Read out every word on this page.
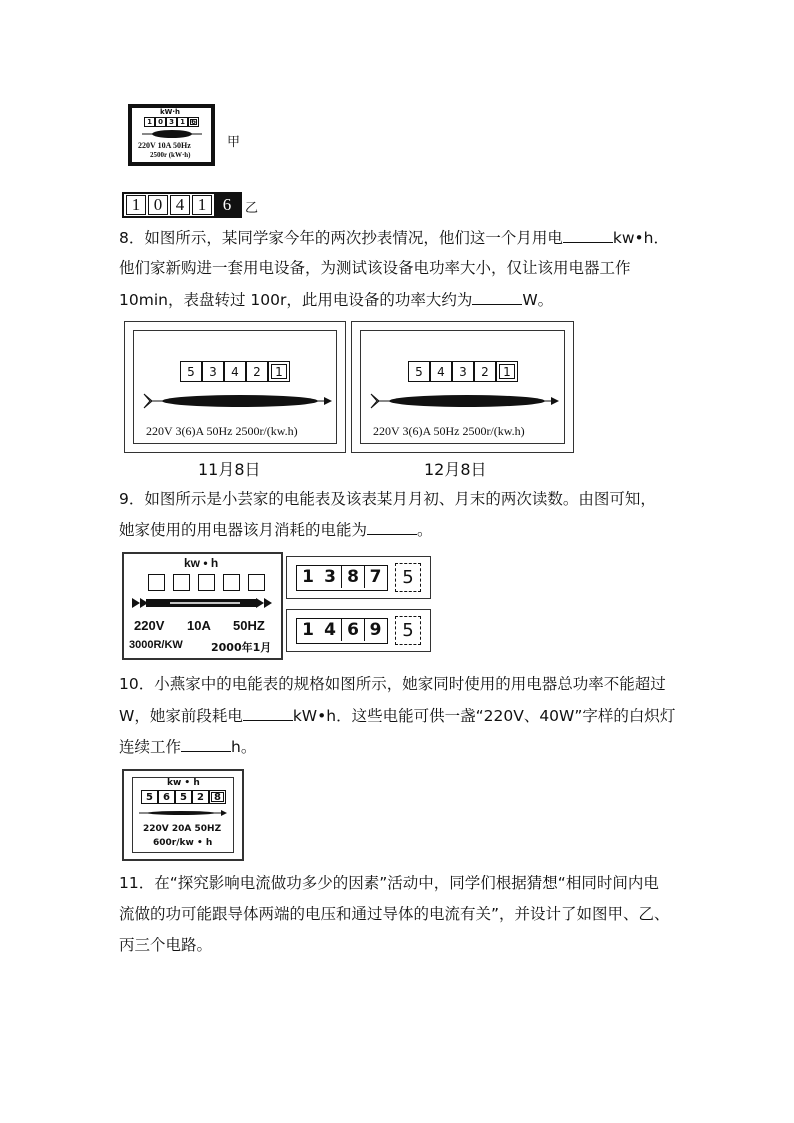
kW·h
1 0 3 1 6
220V 10A 50Hz
2500r (kW·h)
甲
1 0 4 1 6	乙
8．如图所示，某同学家今年的两次抄表情况，他们这一个月用电	kw•h．
他们家新购进一套用电设备，为测试该设备电功率大小，仅让该用电器工作
10min，表盘转过 100r，此用电设备的功率大约为	W。
5	3	4	2	1
220V 3(6)A 50Hz 2500r/(kw.h)
11月8日
5	4	3	2	1
220V 3(6)A 50Hz 2500r/(kw.h)
12月8日
9．如图所示是小芸家的电能表及该表某月月初、月末的两次读数。由图可知，
她家使用的用电器该月消耗的电能为	。
kw • h
220V 10A 50HZ
3000R/KW	2000年1月
1 3 8 7	5
1 4 6 9	5
10．小燕家中的电能表的规格如图所示，她家同时使用的用电器总功率不能超过
W，她家前段耗电	kW•h．这些电能可供一盏“220V、40W”字样的白炽灯
连续工作	h。
kw • h
5	6	5	2	8
220V 20A 50HZ
600r/kw • h
11．在“探究影响电流做功多少的因素”活动中，同学们根据猜想“相同时间内电
流做的功可能跟导体两端的电压和通过导体的电流有关”，并设计了如图甲、乙、
丙三个电路。
